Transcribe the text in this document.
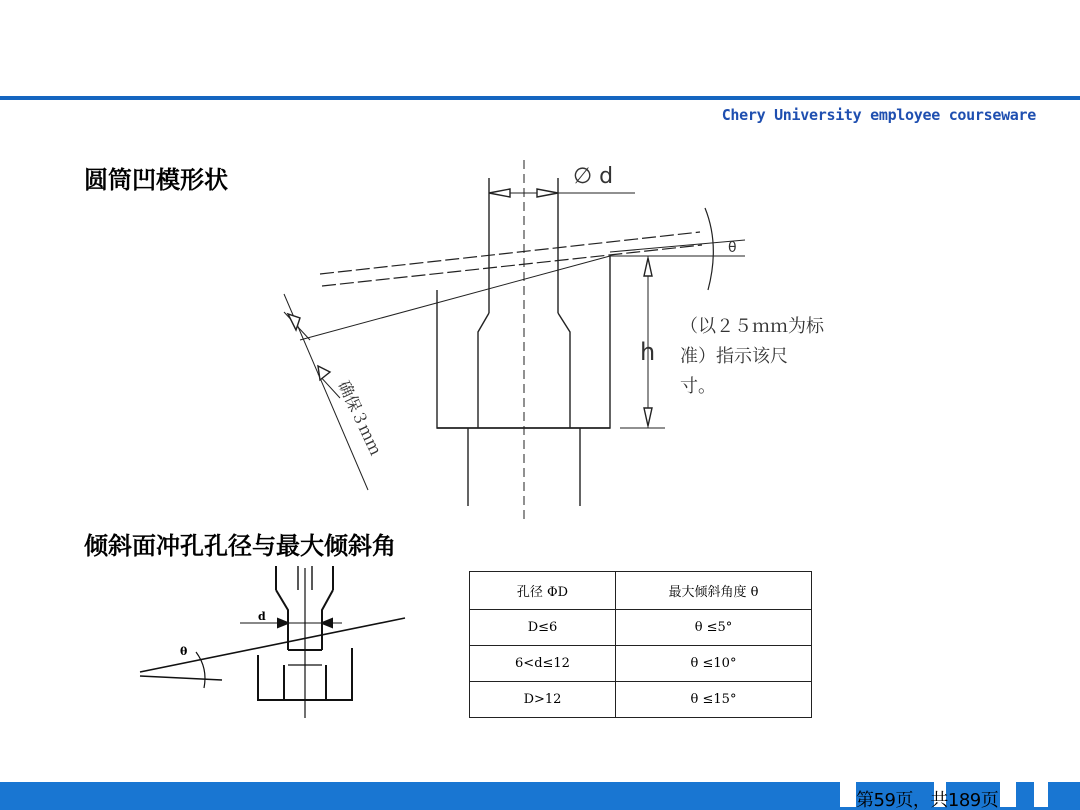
Chery University employee courseware
圆筒凹模形状
倾斜面冲孔孔径与最大倾斜角
∅ d
h
θ
（以２５ｍｍ为标
准）指示该尺
寸。
确保３ｍｍ
d
θ
孔径 ΦD	最大倾斜角度 θ
D≤6	θ ≤5°
6<d≤12	θ ≤10°
D>12	θ ≤15°
第59页，共189页
